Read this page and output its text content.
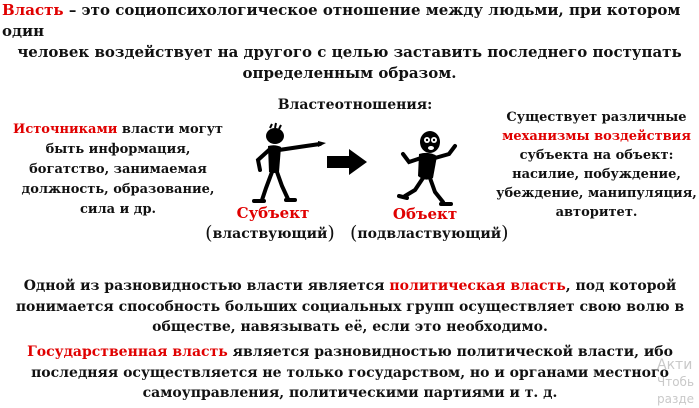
Власть – это социопсихологическое отношение между людьми, при котором один
человек воздействует на другого с целью заставить последнего поступать
определенным образом.
Источниками власти могут быть информация, богатство, занимаемая должность, образование, сила и др.
Властеотношения:
Субъект
(властвующий)
Объект
(подвластвующий)
Существует различные
механизмы воздействия
субъекта на объект: насилие, побуждение, убеждение, манипуляция, авторитет.
Одной из разновидностью власти является политическая власть, под которой понимается способность больших социальных групп осуществляет свою волю в обществе, навязывать её, если это необходимо.
Государственная власть является разновидностью политической власти, ибо последняя осуществляется не только государством, но и органами местного самоуправления, политическими партиями и т. д.
Акти
Чтобь
разде
